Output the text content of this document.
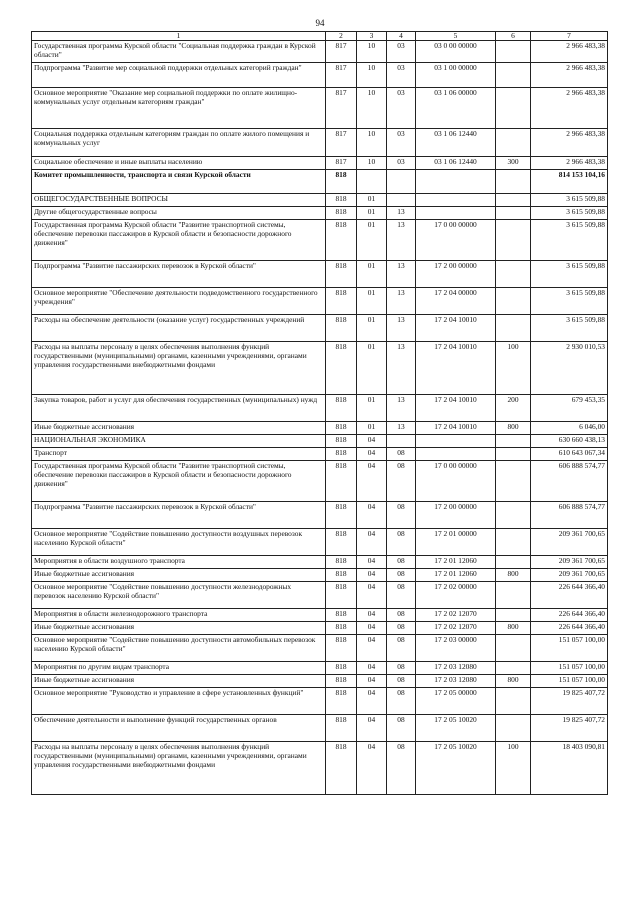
94
1	2	3	4	5	6	7
Государственная программа Курской области "Социальная поддержка граждан в Курской области"	817	10	03	03 0 00 00000		2 966 483,38
Подпрограмма "Развитие мер социальной поддержки отдельных категорий граждан"	817	10	03	03 1 00 00000		2 966 483,38
Основное мероприятие "Оказание мер социальной поддержки по оплате жилищно-коммунальных услуг отдельным категориям граждан"	817	10	03	03 1 06 00000		2 966 483,38
Социальная поддержка отдельным категориям граждан по оплате жилого помещения и коммунальных услуг	817	10	03	03 1 06 12440		2 966 483,38
Социальное обеспечение и иные выплаты населению	817	10	03	03 1 06 12440	300	2 966 483,38
Комитет промышленности, транспорта и связи Курской области	818					814 153 104,16
ОБЩЕГОСУДАРСТВЕННЫЕ ВОПРОСЫ	818	01				3 615 509,88
Другие общегосударственные вопросы	818	01	13			3 615 509,88
Государственная программа Курской области "Развитие транспортной системы, обеспечение перевозки пассажиров в Курской области и безопасности дорожного движения"	818	01	13	17 0 00 00000		3 615 509,88
Подпрограмма "Развитие пассажирских перевозок в Курской области"	818	01	13	17 2 00 00000		3 615 509,88
Основное мероприятие "Обеспечение деятельности подведомственного государственного учреждения"	818	01	13	17 2 04 00000		3 615 509,88
Расходы на обеспечение деятельности (оказание услуг) государственных учреждений	818	01	13	17 2 04 10010		3 615 509,88
Расходы на выплаты персоналу в целях обеспечения выполнения функций государственными (муниципальными) органами, казенными учреждениями, органами управления государственными внебюджетными фондами	818	01	13	17 2 04 10010	100	2 930 010,53
Закупка товаров, работ и услуг для обеспечения государственных (муниципальных) нужд	818	01	13	17 2 04 10010	200	679 453,35
Иные бюджетные ассигнования	818	01	13	17 2 04 10010	800	6 046,00
НАЦИОНАЛЬНАЯ ЭКОНОМИКА	818	04				630 660 438,13
Транспорт	818	04	08			610 643 067,34
Государственная программа Курской области "Развитие транспортной системы, обеспечение перевозки пассажиров в Курской области и безопасности дорожного движения"	818	04	08	17 0 00 00000		606 888 574,77
Подпрограмма "Развитие пассажирских перевозок в Курской области"	818	04	08	17 2 00 00000		606 888 574,77
Основное мероприятие "Содействие повышению доступности воздушных перевозок населению Курской области"	818	04	08	17 2 01 00000		209 361 700,65
Мероприятия в области воздушного транспорта	818	04	08	17 2 01 12060		209 361 700,65
Иные бюджетные ассигнования	818	04	08	17 2 01 12060	800	209 361 700,65
Основное мероприятие "Содействие повышению доступности железнодорожных перевозок населению Курской области"	818	04	08	17 2 02 00000		226 644 366,40
Мероприятия в области железнодорожного транспорта	818	04	08	17 2 02 12070		226 644 366,40
Иные бюджетные ассигнования	818	04	08	17 2 02 12070	800	226 644 366,40
Основное мероприятие "Содействие повышению доступности автомобильных перевозок населению Курской области"	818	04	08	17 2 03 00000		151 057 100,00
Мероприятия по другим видам транспорта	818	04	08	17 2 03 12080		151 057 100,00
Иные бюджетные ассигнования	818	04	08	17 2 03 12080	800	151 057 100,00
Основное мероприятие "Руководство и управление в сфере установленных функций"	818	04	08	17 2 05 00000		19 825 407,72
Обеспечение деятельности и выполнение функций государственных органов	818	04	08	17 2 05 10020		19 825 407,72
Расходы на выплаты персоналу в целях обеспечения выполнения функций государственными (муниципальными) органами, казенными учреждениями, органами управления государственными внебюджетными фондами	818	04	08	17 2 05 10020	100	18 403 090,81
